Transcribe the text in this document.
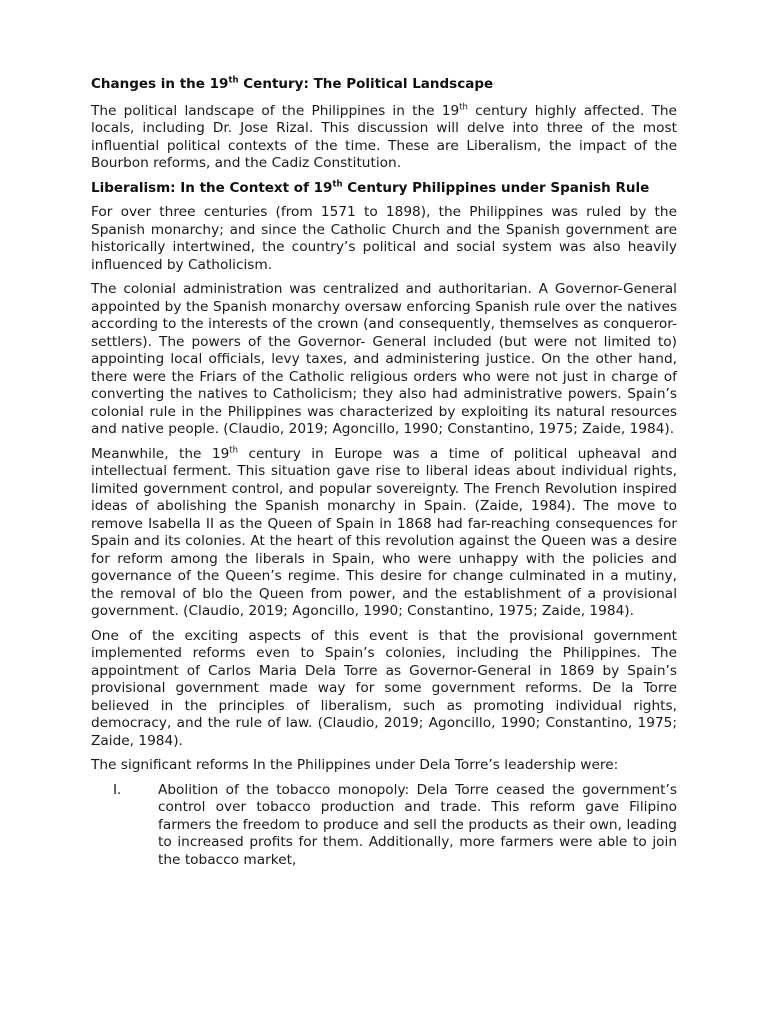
Changes in the 19th Century: The Political Landscape

The political landscape of the Philippines in the 19th century highly affected. The locals, including Dr. Jose Rizal. This discussion will delve into three of the most influential political contexts of the time. These are Liberalism, the impact of the Bourbon reforms, and the Cadiz Constitution.

Liberalism: In the Context of 19th Century Philippines under Spanish Rule

For over three centuries (from 1571 to 1898), the Philippines was ruled by the Spanish monarchy; and since the Catholic Church and the Spanish government are historically intertwined, the country’s political and social system was also heavily influenced by Catholicism.

The colonial administration was centralized and authoritarian. A Governor-General appointed by the Spanish monarchy oversaw enforcing Spanish rule over the natives according to the interests of the crown (and consequently, themselves as conqueror-settlers). The powers of the Governor- General included (but were not limited to) appointing local officials, levy taxes, and administering justice. On the other hand, there were the Friars of the Catholic religious orders who were not just in charge of converting the natives to Catholicism; they also had administrative powers. Spain’s colonial rule in the Philippines was characterized by exploiting its natural resources and native people. (Claudio, 2019; Agoncillo, 1990; Constantino, 1975; Zaide, 1984).

Meanwhile, the 19th century in Europe was a time of political upheaval and intellectual ferment. This situation gave rise to liberal ideas about individual rights, limited government control, and popular sovereignty. The French Revolution inspired ideas of abolishing the Spanish monarchy in Spain. (Zaide, 1984). The move to remove Isabella II as the Queen of Spain in 1868 had far-reaching consequences for Spain and its colonies. At the heart of this revolution against the Queen was a desire for reform among the liberals in Spain, who were unhappy with the policies and governance of the Queen’s regime. This desire for change culminated in a mutiny, the removal of blo the Queen from power, and the establishment of a provisional government. (Claudio, 2019; Agoncillo, 1990; Constantino, 1975; Zaide, 1984).

One of the exciting aspects of this event is that the provisional government implemented reforms even to Spain’s colonies, including the Philippines. The appointment of Carlos Maria Dela Torre as Governor-General in 1869 by Spain’s provisional government made way for some government reforms. De la Torre believed in the principles of liberalism, such as promoting individual rights, democracy, and the rule of law. (Claudio, 2019; Agoncillo, 1990; Constantino, 1975; Zaide, 1984).

The significant reforms In the Philippines under Dela Torre’s leadership were:

I.	Abolition of the tobacco monopoly: Dela Torre ceased the government’s control over tobacco production and trade. This reform gave Filipino farmers the freedom to produce and sell the products as their own, leading to increased profits for them. Additionally, more farmers were able to join the tobacco market,
